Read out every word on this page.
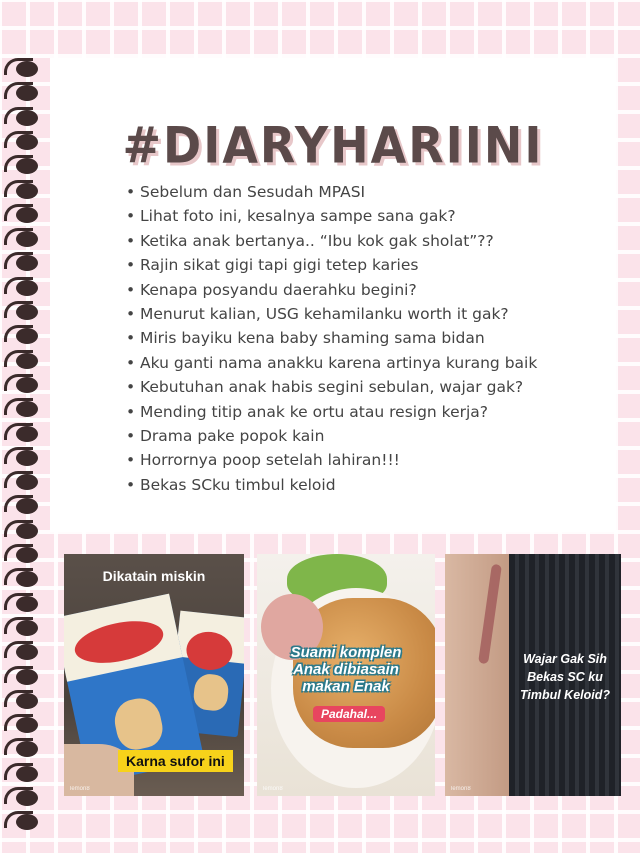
#DIARYHARIINI
• Sebelum dan Sesudah MPASI
• Lihat foto ini, kesalnya sampe sana gak?
• Ketika anak bertanya.. “Ibu kok gak sholat”??
• Rajin sikat gigi tapi gigi tetep karies
• Kenapa posyandu daerahku begini?
• Menurut kalian, USG kehamilanku worth it gak?
• Miris bayiku kena baby shaming sama bidan
• Aku ganti nama anakku karena artinya kurang baik
• Kebutuhan anak habis segini sebulan, wajar gak?
• Mending titip anak ke ortu atau resign kerja?
• Drama pake popok kain
• Horrornya poop setelah lahiran!!!
• Bekas SCku timbul keloid
Dikatain miskin
Karna sufor ini
lemon8
Suami komplen
Anak dibiasain
makan Enak
Padahal...
lemon8
Wajar Gak Sih
Bekas SC ku
Timbul Keloid?
lemon8
